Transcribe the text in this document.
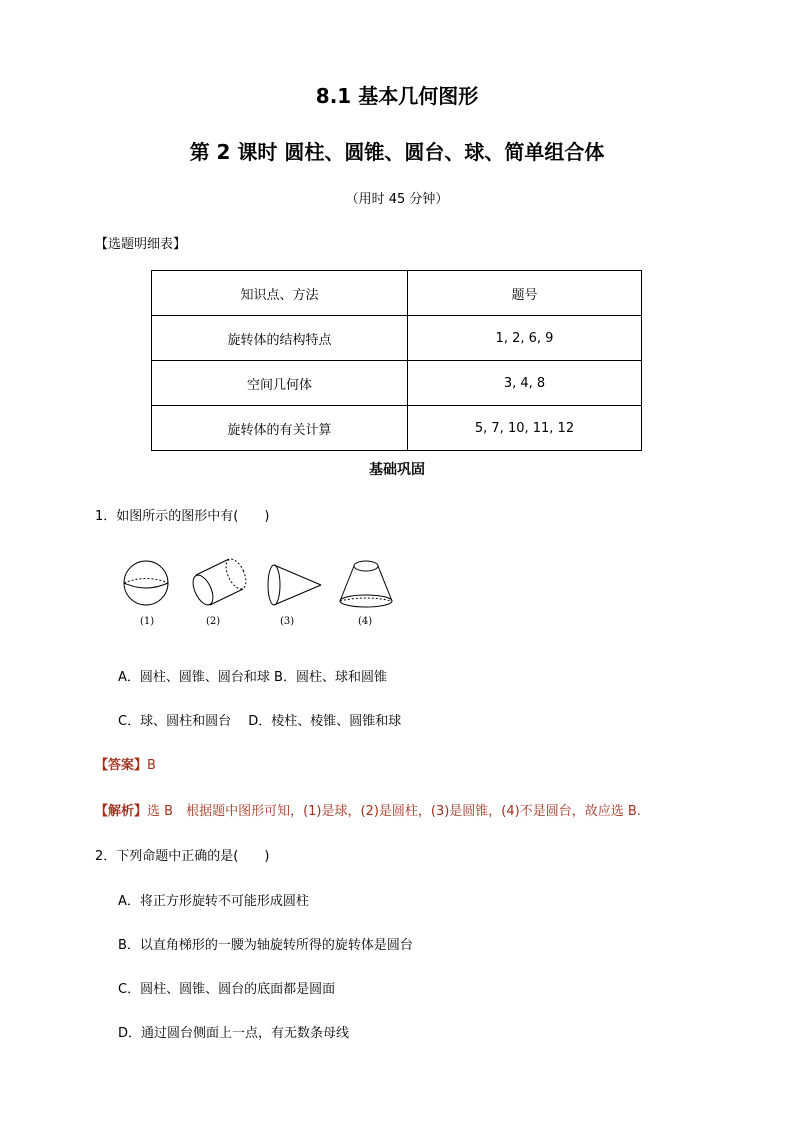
8.1 基本几何图形
第 2 课时 圆柱、圆锥、圆台、球、简单组合体
（用时 45 分钟）
【选题明细表】
知识点、方法	题号
旋转体的结构特点	1, 2, 6, 9
空间几何体	3, 4, 8
旋转体的有关计算	5, 7, 10, 11, 12
基础巩固
1．如图所示的图形中有(　　)
(1)	(2)	(3)	(4)
A．圆柱、圆锥、圆台和球 B．圆柱、球和圆锥
C．球、圆柱和圆台　 D．棱柱、棱锥、圆锥和球
【答案】B
【解析】选 B　根据题中图形可知，(1)是球，(2)是圆柱，(3)是圆锥，(4)不是圆台，故应选 B.
2．下列命题中正确的是(　　)
A．将正方形旋转不可能形成圆柱
B．以直角梯形的一腰为轴旋转所得的旋转体是圆台
C．圆柱、圆锥、圆台的底面都是圆面
D．通过圆台侧面上一点，有无数条母线
